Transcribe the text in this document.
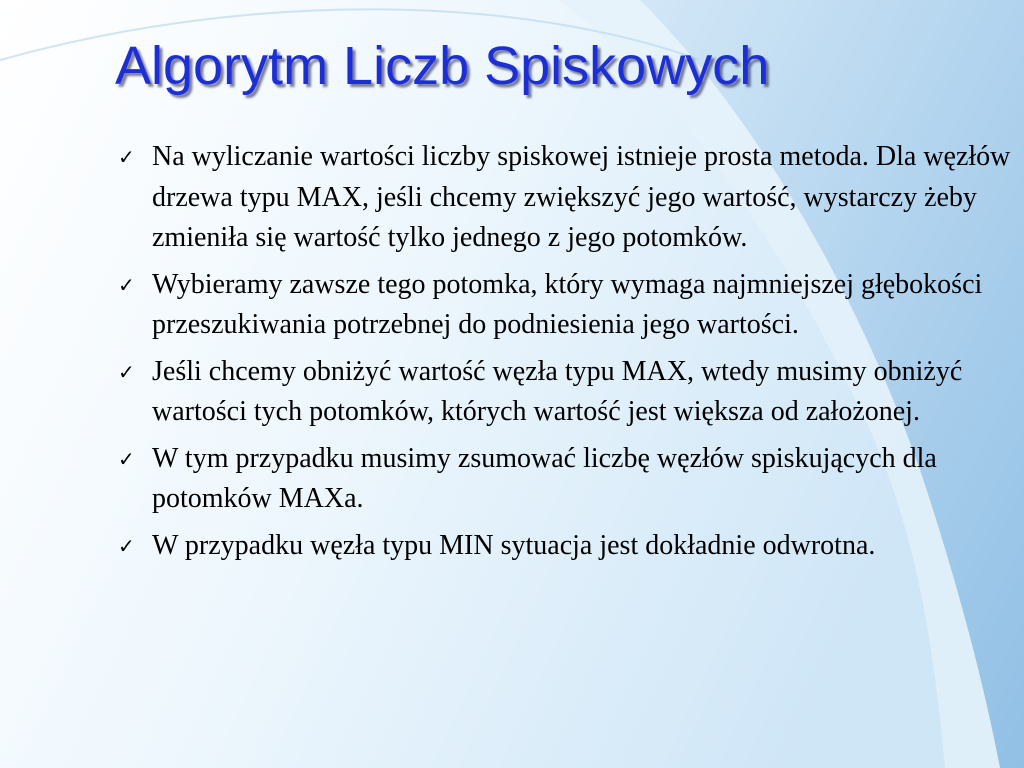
Algorytm Liczb Spiskowych
✓ Na wyliczanie wartości liczby spiskowej istnieje prosta metoda. Dla węzłów drzewa typu MAX, jeśli chcemy zwiększyć jego wartość, wystarczy żeby zmieniła się wartość tylko jednego z jego potomków.
✓ Wybieramy zawsze tego potomka, który wymaga najmniejszej głębokości przeszukiwania potrzebnej do podniesienia jego wartości.
✓ Jeśli chcemy obniżyć wartość węzła typu MAX, wtedy musimy obniżyć wartości tych potomków, których wartość jest większa od założonej.
✓ W tym przypadku musimy zsumować liczbę węzłów spiskujących dla potomków MAXa.
✓ W przypadku węzła typu MIN sytuacja jest dokładnie odwrotna.
